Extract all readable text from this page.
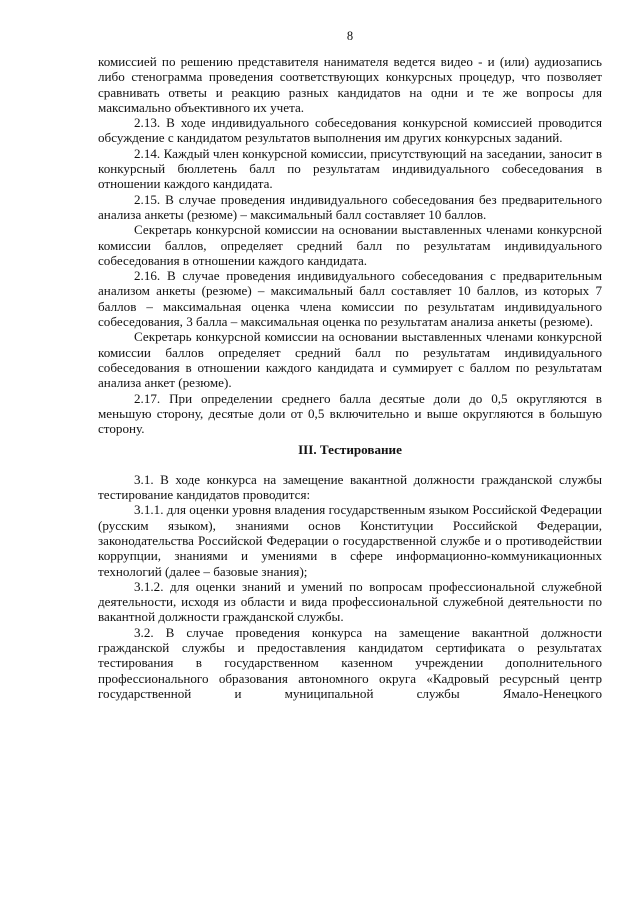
8

комиссией по решению представителя нанимателя ведется видео - и (или) аудиозапись либо стенограмма проведения соответствующих конкурсных процедур, что позволяет сравнивать ответы и реакцию разных кандидатов на одни и те же вопросы для максимально объективного их учета.

2.13. В ходе индивидуального собеседования конкурсной комиссией проводится обсуждение с кандидатом результатов выполнения им других конкурсных заданий.

2.14. Каждый член конкурсной комиссии, присутствующий на заседании, заносит в конкурсный бюллетень балл по результатам индивидуального собеседования в отношении каждого кандидата.

2.15. В случае проведения индивидуального собеседования без предварительного анализа анкеты (резюме) – максимальный балл составляет 10 баллов.

Секретарь конкурсной комиссии на основании выставленных членами конкурсной комиссии баллов, определяет средний балл по результатам индивидуального собеседования в отношении каждого кандидата.

2.16. В случае проведения индивидуального собеседования с предварительным анализом анкеты (резюме) – максимальный балл составляет 10 баллов, из которых 7 баллов – максимальная оценка члена комиссии по результатам индивидуального собеседования, 3 балла – максимальная оценка по результатам анализа анкеты (резюме).

Секретарь конкурсной комиссии на основании выставленных членами конкурсной комиссии баллов определяет средний балл по результатам индивидуального собеседования в отношении каждого кандидата и суммирует с баллом по результатам анализа анкет (резюме).

2.17. При определении среднего балла десятые доли до 0,5 округляются в меньшую сторону, десятые доли от 0,5 включительно и выше округляются в большую сторону.

III. Тестирование

3.1. В ходе конкурса на замещение вакантной должности гражданской службы тестирование кандидатов проводится:

3.1.1. для оценки уровня владения государственным языком Российской Федерации (русским языком), знаниями основ Конституции Российской Федерации, законодательства Российской Федерации о государственной службе и о противодействии коррупции, знаниями и умениями в сфере информационно-коммуникационных технологий (далее – базовые знания);

3.1.2. для оценки знаний и умений по вопросам профессиональной служебной деятельности, исходя из области и вида профессиональной служебной деятельности по вакантной должности гражданской службы.

3.2. В случае проведения конкурса на замещение вакантной должности гражданской службы и предоставления кандидатом сертификата о результатах тестирования в государственном казенном учреждении дополнительного профессионального образования автономного округа «Кадровый ресурсный центр государственной и муниципальной службы Ямало-Ненецкого
